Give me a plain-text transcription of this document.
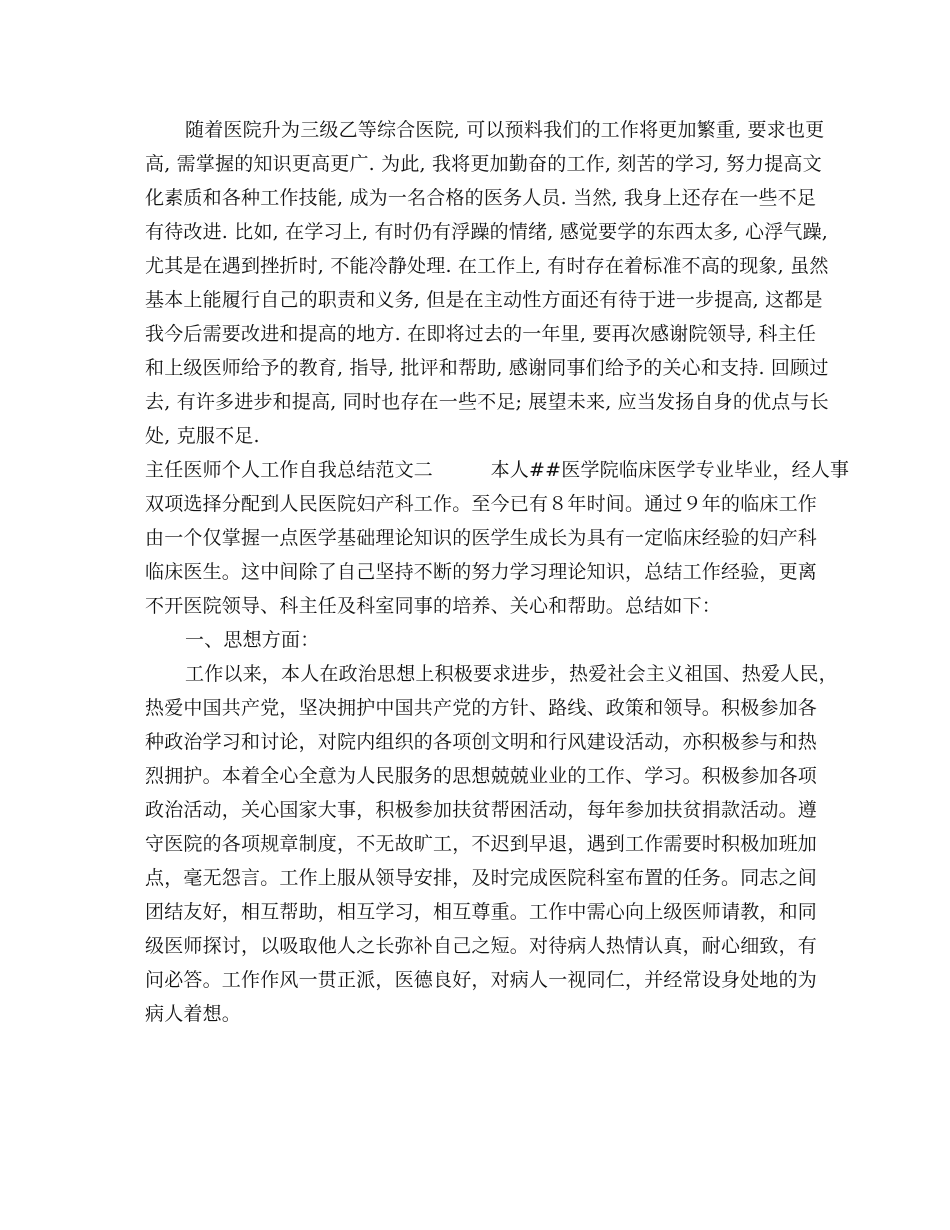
随着医院升为三级乙等综合医院, 可以预料我们的工作将更加繁重, 要求也更
高, 需掌握的知识更高更广. 为此, 我将更加勤奋的工作, 刻苦的学习, 努力提高文
化素质和各种工作技能, 成为一名合格的医务人员. 当然, 我身上还存在一些不足
有待改进. 比如, 在学习上, 有时仍有浮躁的情绪, 感觉要学的东西太多, 心浮气躁,
尤其是在遇到挫折时, 不能冷静处理. 在工作上, 有时存在着标准不高的现象, 虽然
基本上能履行自己的职责和义务, 但是在主动性方面还有待于进一步提高, 这都是
我今后需要改进和提高的地方. 在即将过去的一年里, 要再次感谢院领导, 科主任
和上级医师给予的教育, 指导, 批评和帮助, 感谢同事们给予的关心和支持. 回顾过
去, 有许多进步和提高, 同时也存在一些不足; 展望未来, 应当发扬自身的优点与长
处, 克服不足.
主任医师个人工作自我总结范文二　　　本人##医学院临床医学专业毕业，经人事
双项选择分配到人民医院妇产科工作。至今已有８年时间。通过９年的临床工作
由一个仅掌握一点医学基础理论知识的医学生成长为具有一定临床经验的妇产科
临床医生。这中间除了自己坚持不断的努力学习理论知识，总结工作经验，更离
不开医院领导、科主任及科室同事的培养、关心和帮助。总结如下：
一、思想方面：
工作以来，本人在政治思想上积极要求进步，热爱社会主义祖国、热爱人民，
热爱中国共产党，坚决拥护中国共产党的方针、路线、政策和领导。积极参加各
种政治学习和讨论，对院内组织的各项创文明和行风建设活动，亦积极参与和热
烈拥护。本着全心全意为人民服务的思想兢兢业业的工作、学习。积极参加各项
政治活动，关心国家大事，积极参加扶贫帮困活动，每年参加扶贫捐款活动。遵
守医院的各项规章制度，不无故旷工，不迟到早退，遇到工作需要时积极加班加
点，毫无怨言。工作上服从领导安排，及时完成医院科室布置的任务。同志之间
团结友好，相互帮助，相互学习，相互尊重。工作中需心向上级医师请教，和同
级医师探讨，以吸取他人之长弥补自己之短。对待病人热情认真，耐心细致，有
问必答。工作作风一贯正派，医德良好，对病人一视同仁，并经常设身处地的为
病人着想。
